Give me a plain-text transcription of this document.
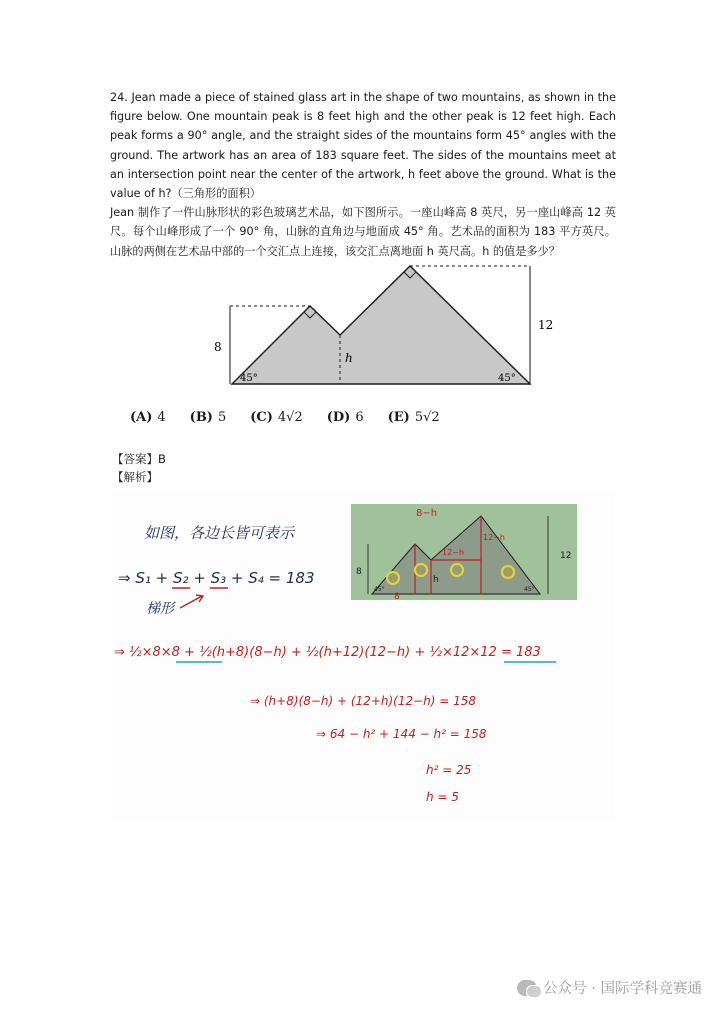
24. Jean made a piece of stained glass art in the shape of two mountains, as shown in the figure below. One mountain peak is 8 feet high and the other peak is 12 feet high. Each peak forms a 90° angle, and the straight sides of the mountains form 45° angles with the ground. The artwork has an area of 183 square feet. The sides of the mountains meet at an intersection point near the center of the artwork, h feet above the ground. What is the value of h?（三角形的面积）

Jean 制作了一件山脉形状的彩色玻璃艺术品，如下图所示。一座山峰高 8 英尺，另一座山峰高 12 英尺。每个山峰形成了一个 90° 角，山脉的直角边与地面成 45° 角。艺术品的面积为 183 平方英尺。山脉的两侧在艺术品中部的一个交汇点上连接，该交汇点离地面 h 英尺高。h 的值是多少？

8
12
h
45°	45°
(A) 4 (B) 5 (C) 4√2 (D) 6 (E) 5√2
【答案】B
【解析】
如图，各边长皆可表示
⇒ S₁ + S₂ + S₃ + S₄ = 183
梯形
8−h
12−h
12−h
8
8
12
h
45°	45°
1
2	3	4
⇒ ½×8×8 + ½(h+8)(8−h) + ½(h+12)(12−h) + ½×12×12 = 183
⇒ (h+8)(8−h) + (12+h)(12−h) = 158
⇒ 64 − h² + 144 − h² = 158
h² = 25
h = 5
公众号 · 国际学科竞赛通
